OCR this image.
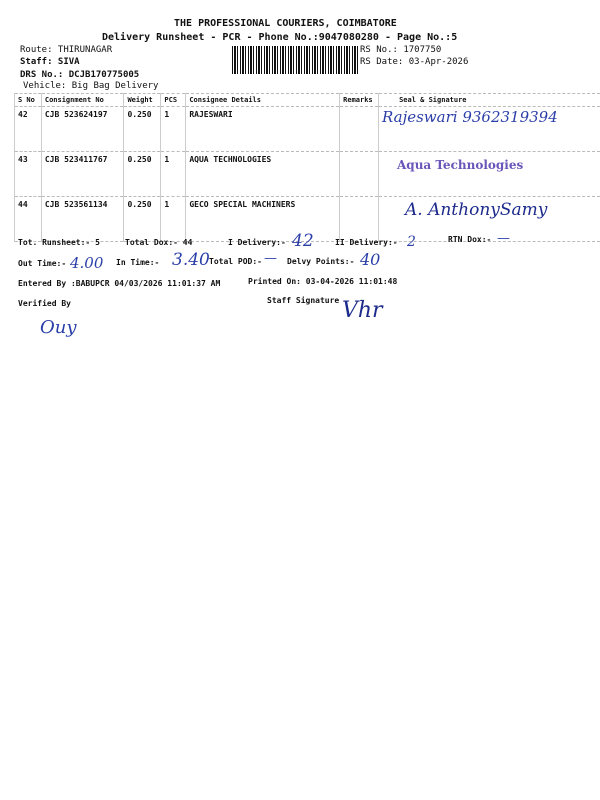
THE PROFESSIONAL COURIERS, COIMBATORE
Delivery Runsheet - PCR - Phone No.:9047080280 - Page No.:5
Route: THIRUNAGAR
Staff: SIVA
DRS No.: DCJB170775005
Vehicle: Big Bag Delivery
RS No.: 1707750
RS Date: 03-Apr-2026
S No	Consignment No	Weight	PCS	Consignee Details	Remarks	Seal & Signature
42	CJB 523624197	0.250	1	RAJESWARI		
43	CJB 523411767	0.250	1	AQUA TECHNOLOGIES		
44	CJB 523561134	0.250	1	GECO SPECIAL MACHINERS		
Rajeswari 9362319394
Aqua Technologies
A. AnthonySamy
Tot. Runsheet:- 5	Total Dox:- 44	I Delivery:- 42	II Delivery:- 2	RTN Dox:- —
Out Time:- 4.00 In Time:- 3.40 Total POD:- — Delvy Points:- 40
Entered By :BABUPCR 04/03/2026 11:01:37 AM	Printed On: 03-04-2026 11:01:48
Verified By
Ouy
Staff Signature Vhr
